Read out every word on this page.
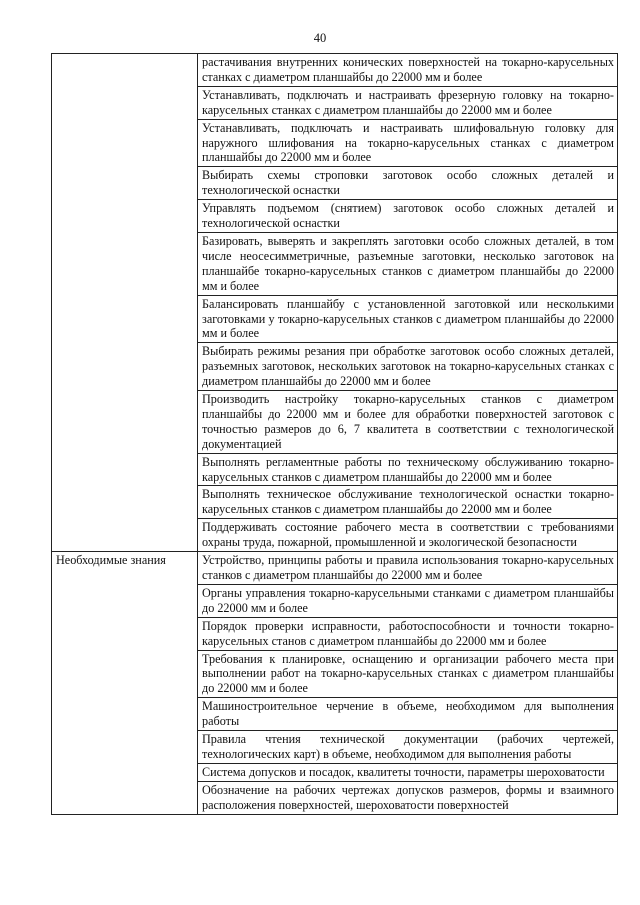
40
	растачивания внутренних конических поверхностей на токарно-карусельных станках с диаметром планшайбы до 22000 мм и более
	Устанавливать, подключать и настраивать фрезерную головку на токарно-карусельных станках с диаметром планшайбы до 22000 мм и более
	Устанавливать, подключать и настраивать шлифовальную головку для наружного шлифования на токарно-карусельных станках с диаметром планшайбы до 22000 мм и более
	Выбирать схемы строповки заготовок особо сложных деталей и технологической оснастки
	Управлять подъемом (снятием) заготовок особо сложных деталей и технологической оснастки
	Базировать, выверять и закреплять заготовки особо сложных деталей, в том числе неосесимметричные, разъемные заготовки, несколько заготовок на планшайбе токарно-карусельных станков с диаметром планшайбы до 22000 мм и более
	Балансировать планшайбу с установленной заготовкой или несколькими заготовками у токарно-карусельных станков с диаметром планшайбы до 22000 мм и более
	Выбирать режимы резания при обработке заготовок особо сложных деталей, разъемных заготовок, нескольких заготовок на токарно-карусельных станках с диаметром планшайбы до 22000 мм и более
	Производить настройку токарно-карусельных станков с диаметром планшайбы до 22000 мм и более для обработки поверхностей заготовок с точностью размеров до 6, 7 квалитета в соответствии с технологической документацией
	Выполнять регламентные работы по техническому обслуживанию токарно-карусельных станков с диаметром планшайбы до 22000 мм и более
	Выполнять техническое обслуживание технологической оснастки токарно-карусельных станков с диаметром планшайбы до 22000 мм и более
	Поддерживать состояние рабочего места в соответствии с требованиями охраны труда, пожарной, промышленной и экологической безопасности
Необходимые знания	Устройство, принципы работы и правила использования токарно-карусельных станков с диаметром планшайбы до 22000 мм и более
	Органы управления токарно-карусельными станками с диаметром планшайбы до 22000 мм и более
	Порядок проверки исправности, работоспособности и точности токарно-карусельных станов с диаметром планшайбы до 22000 мм и более
	Требования к планировке, оснащению и организации рабочего места при выполнении работ на токарно-карусельных станках с диаметром планшайбы до 22000 мм и более
	Машиностроительное черчение в объеме, необходимом для выполнения работы
	Правила чтения технической документации (рабочих чертежей, технологических карт) в объеме, необходимом для выполнения работы
	Система допусков и посадок, квалитеты точности, параметры шероховатости
	Обозначение на рабочих чертежах допусков размеров, формы и взаимного расположения поверхностей, шероховатости поверхностей
